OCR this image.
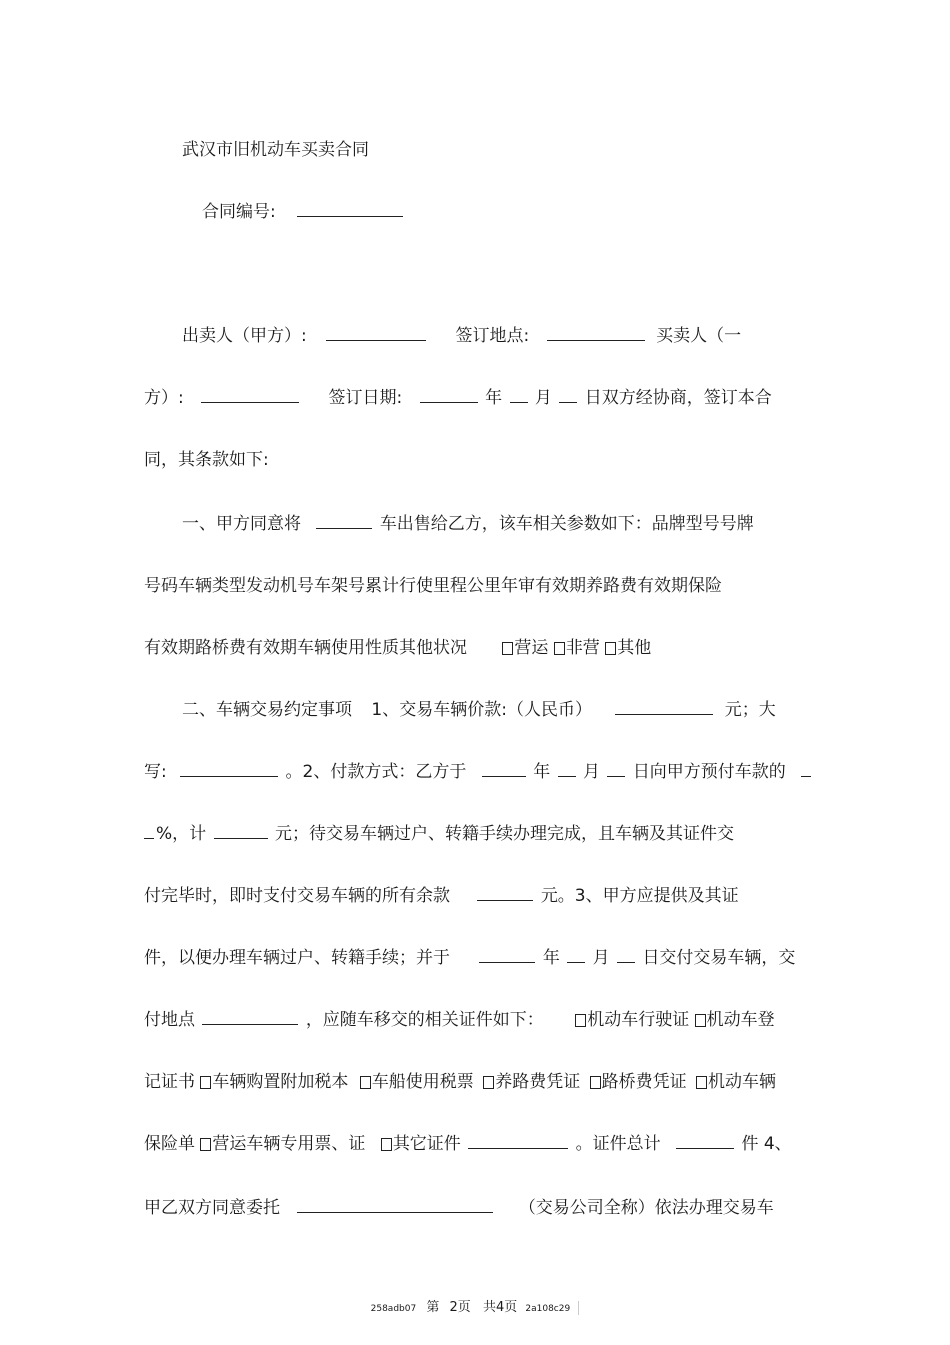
武汉市旧机动车买卖合同
合同编号:
出卖人（甲方）:	签订地点:	买卖人（一
方）:	签订日期:	年 月 日双方经协商，签订本合
同，其条款如下:
一、甲方同意将	车出售给乙方，该车相关参数如下：品牌型号号牌
号码车辆类型发动机号车架号累计行使里程公里年审有效期养路费有效期保险
有效期路桥费有效期车辆使用性质其他状况	营运 非营 其他
二、车辆交易约定事项 1、交易车辆价款:（人民币）	元；大
写:	。2、付款方式：乙方于	年 月 日向甲方预付车款的
%，计	元；待交易车辆过户、转籍手续办理完成，且车辆及其证件交
付完毕时，即时支付交易车辆的所有余款	元。3、甲方应提供及其证
件，以便办理车辆过户、转籍手续；并于	年 月 日交付交易车辆，交
付地点	，应随车移交的相关证件如下：	机动车行驶证 机动车登
记证书 车辆购置附加税本 车船使用税票 养路费凭证 路桥费凭证 机动车辆
保险单 营运车辆专用票、证 其它证件	。证件总计	件 4、
甲乙双方同意委托	（交易公司全称）依法办理交易车
258adb07 第 2页 共4页 2a108c29
